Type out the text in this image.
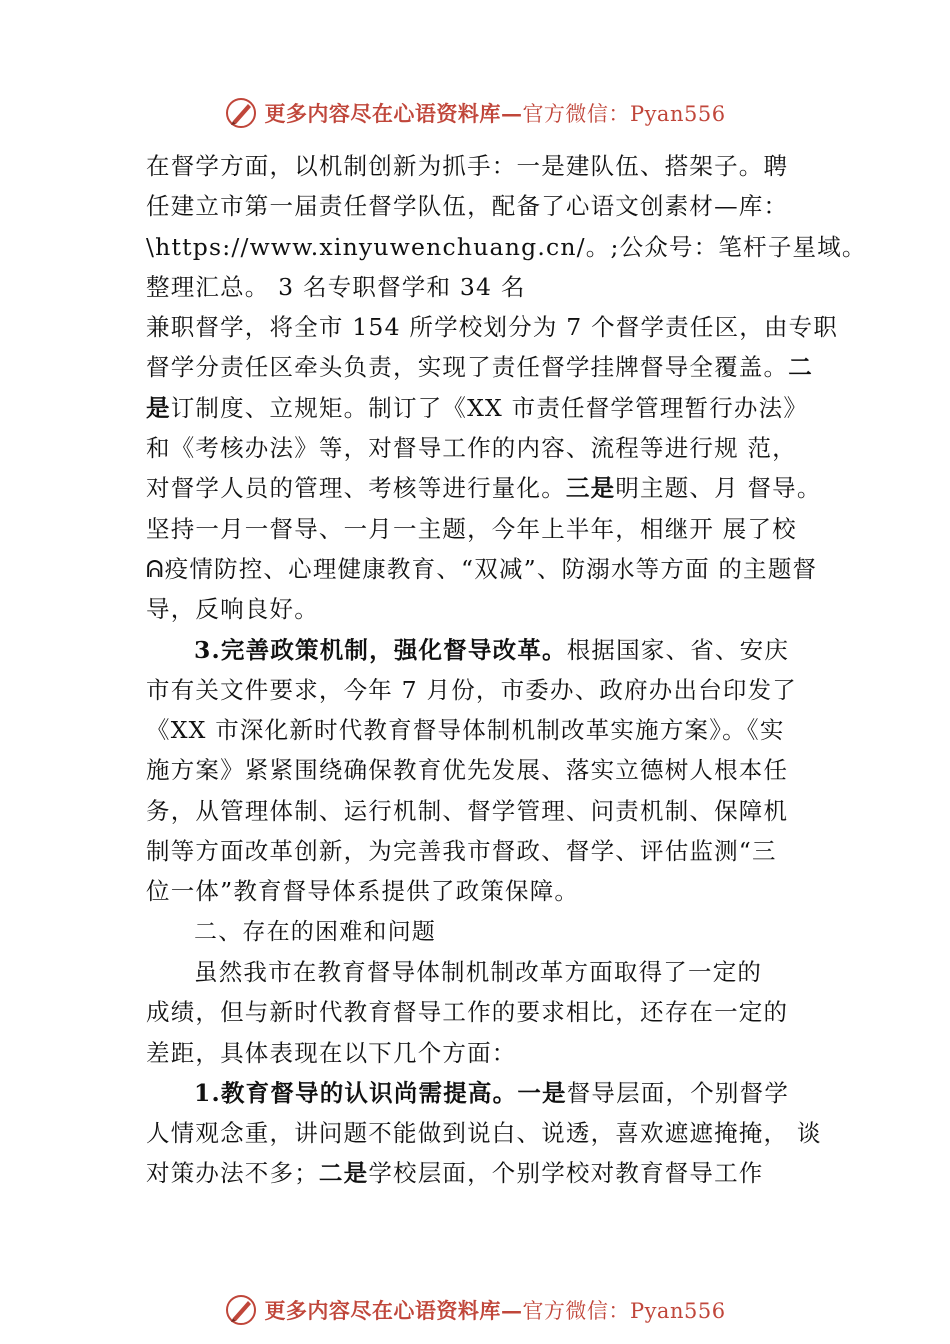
更多内容尽在心语资料库—官方微信：Pyan556
在督学方面，以机制创新为抓手：一是建队伍、搭架子。聘
任建立市第一届责任督学队伍，配备了心语文创素材—库：
\https://www.xinyuwenchuang.cn/。;公众号：笔杆子星域。
整理汇总。 3 名专职督学和 34 名
兼职督学，将全市 154 所学校划分为 7 个督学责任区，由专职
督学分责任区牵头负责，实现了责任督学挂牌督导全覆盖。二
是订制度、立规矩。制订了《XX 市责任督学管理暂行办法》
和《考核办法》等，对督导工作的内容、流程等进行规 范，
对督学人员的管理、考核等进行量化。三是明主题、月 督导。
坚持一月一督导、一月一主题，今年上半年，相继开 展了校
ᕱ疫情防控、心理健康教育、“双减”、防溺水等方面 的主题督
导，反响良好。
3.完善政策机制，强化督导改革。根据国家、省、安庆
市有关文件要求，今年 7 月份，市委办、政府办出台印发了
《XX 市深化新时代教育督导体制机制改革实施方案》。《实
施方案》紧紧围绕确保教育优先发展、落实立德树人根本任
务，从管理体制、运行机制、督学管理、问责机制、保障机
制等方面改革创新，为完善我市督政、督学、评估监测“三
位一体”教育督导体系提供了政策保障。
二、存在的困难和问题
虽然我市在教育督导体制机制改革方面取得了一定的
成绩，但与新时代教育督导工作的要求相比，还存在一定的
差距，具体表现在以下几个方面：
1.教育督导的认识尚需提高。一是督导层面，个别督学
人情观念重，讲问题不能做到说白、说透，喜欢遮遮掩掩， 谈
对策办法不多；二是学校层面，个别学校对教育督导工作
更多内容尽在心语资料库—官方微信：Pyan556
